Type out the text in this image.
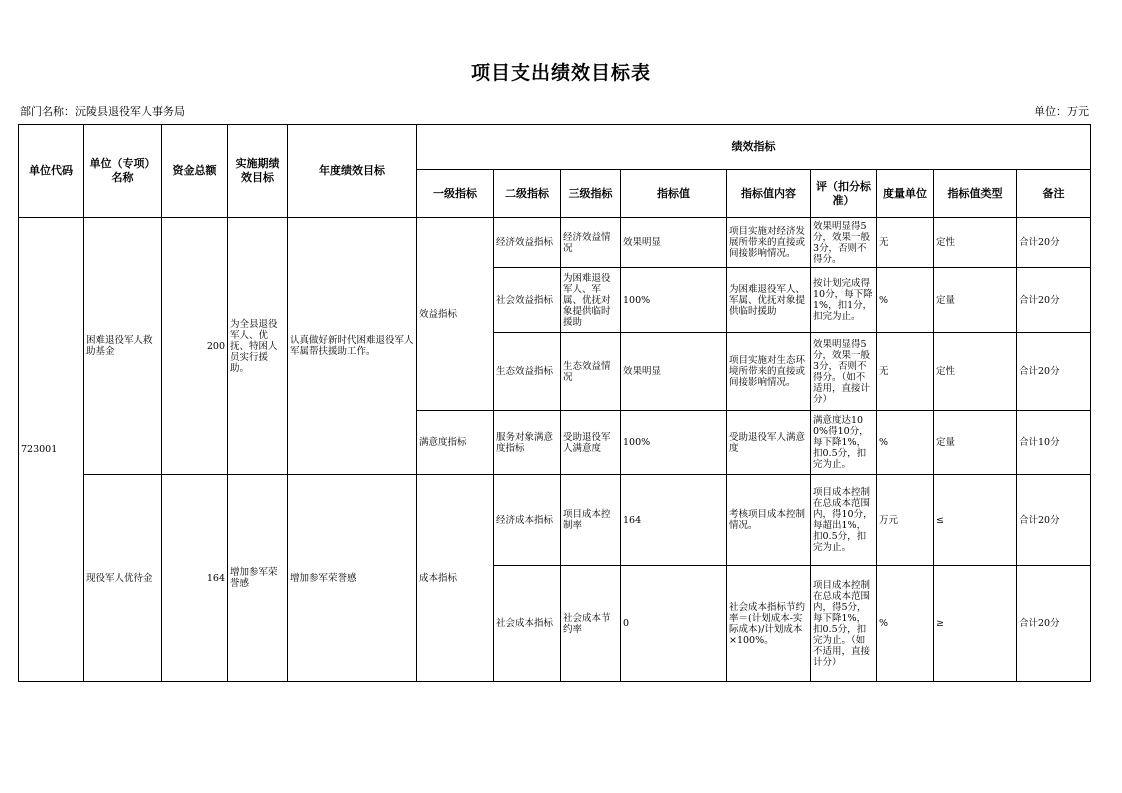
项目支出绩效目标表
部门名称：沅陵县退役军人事务局	单位：万元
单位代码	单位（专项）名称	资金总额	实施期绩效目标	年度绩效目标	绩效指标								
					一级指标	二级指标	三级指标	指标值	指标值内容	评（扣分标准）	度量单位	指标值类型	备注
723001	困难退役军人救助基金	200	为全县退役军人、优抚、特困人员实行援助。	认真做好新时代困难退役军人军属帮扶援助工作。	效益指标	经济效益指标	经济效益情况	效果明显	项目实施对经济发展所带来的直接或间接影响情况。	效果明显得5分，效果一般3分，否则不得分。	无	定性	合计20分
						社会效益指标	为困难退役军人、军属、优抚对象提供临时援助	100%	为困难退役军人、军属、优抚对象提供临时援助	按计划完成得10分，每下降1%，扣1分，扣完为止。	%	定量	合计20分
						生态效益指标	生态效益情况	效果明显	项目实施对生态环境所带来的直接或间接影响情况。	效果明显得5分，效果一般3分，否则不得分。（如不适用，直接计分）	无	定性	合计20分
					满意度指标	服务对象满意度指标	受助退役军人满意度	100%	受助退役军人满意度	满意度达100%得10分，每下降1%，扣0.5分，扣完为止。	%	定量	合计10分
	现役军人优待金	164	增加参军荣誉感	增加参军荣誉感	成本指标	经济成本指标	项目成本控制率	164	考核项目成本控制情况。	项目成本控制在总成本范围内，得10分，每超出1%，扣0.5分，扣完为止。	万元	≤	合计20分
						社会成本指标	社会成本节约率	0	社会成本指标节约率＝(计划成本-实际成本)/计划成本×100%。	项目成本控制在总成本范围内，得5分，每下降1%，扣0.5分，扣完为止。（如不适用，直接计分）	%	≥	合计20分
